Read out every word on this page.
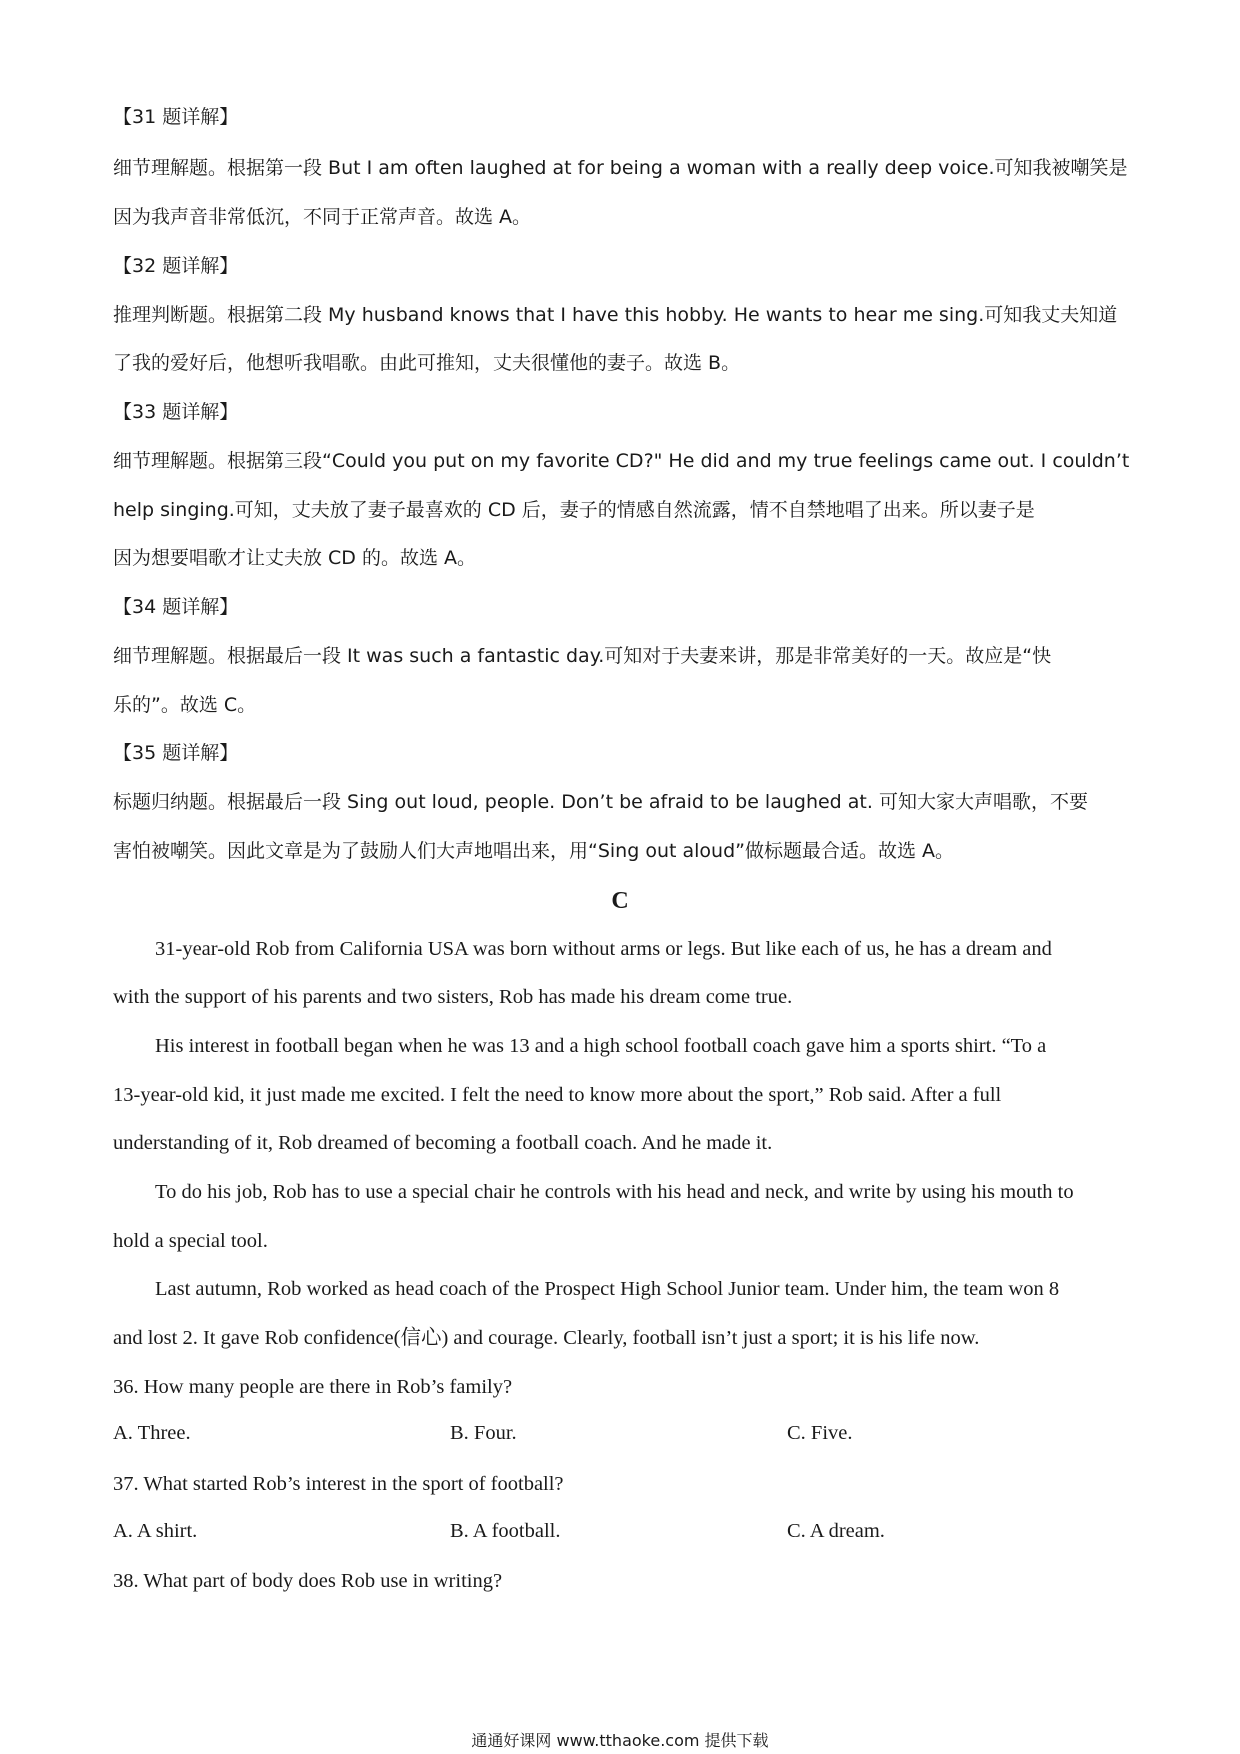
【31 题详解】
细节理解题。根据第一段 But I am often laughed at for being a woman with a really deep voice.可知我被嘲笑是
因为我声音非常低沉，不同于正常声音。故选 A。
【32 题详解】
推理判断题。根据第二段 My husband knows that I have this hobby. He wants to hear me sing.可知我丈夫知道
了我的爱好后，他想听我唱歌。由此可推知，丈夫很懂他的妻子。故选 B。
【33 题详解】
细节理解题。根据第三段“Could you put on my favorite CD?" He did and my true feelings came out. I couldn’t
help singing.可知，丈夫放了妻子最喜欢的 CD 后，妻子的情感自然流露，情不自禁地唱了出来。所以妻子是
因为想要唱歌才让丈夫放 CD 的。故选 A。
【34 题详解】
细节理解题。根据最后一段 It was such a fantastic day.可知对于夫妻来讲，那是非常美好的一天。故应是“快
乐的”。故选 C。
【35 题详解】
标题归纳题。根据最后一段 Sing out loud, people. Don’t be afraid to be laughed at. 可知大家大声唱歌，不要
害怕被嘲笑。因此文章是为了鼓励人们大声地唱出来，用“Sing out aloud”做标题最合适。故选 A。
C
31-year-old Rob from California USA was born without arms or legs. But like each of us, he has a dream and
with the support of his parents and two sisters, Rob has made his dream come true.
His interest in football began when he was 13 and a high school football coach gave him a sports shirt. “To a
13-year-old kid, it just made me excited. I felt the need to know more about the sport,” Rob said. After a full
understanding of it, Rob dreamed of becoming a football coach. And he made it.
To do his job, Rob has to use a special chair he controls with his head and neck, and write by using his mouth to
hold a special tool.
Last autumn, Rob worked as head coach of the Prospect High School Junior team. Under him, the team won 8
and lost 2. It gave Rob confidence(信心) and courage. Clearly, football isn’t just a sport; it is his life now.
36. How many people are there in Rob’s family?
A. Three.	B. Four.	C. Five.
37. What started Rob’s interest in the sport of football?
A. A shirt.	B. A football.	C. A dream.
38. What part of body does Rob use in writing?
通通好课网 www.tthaoke.com 提供下载
